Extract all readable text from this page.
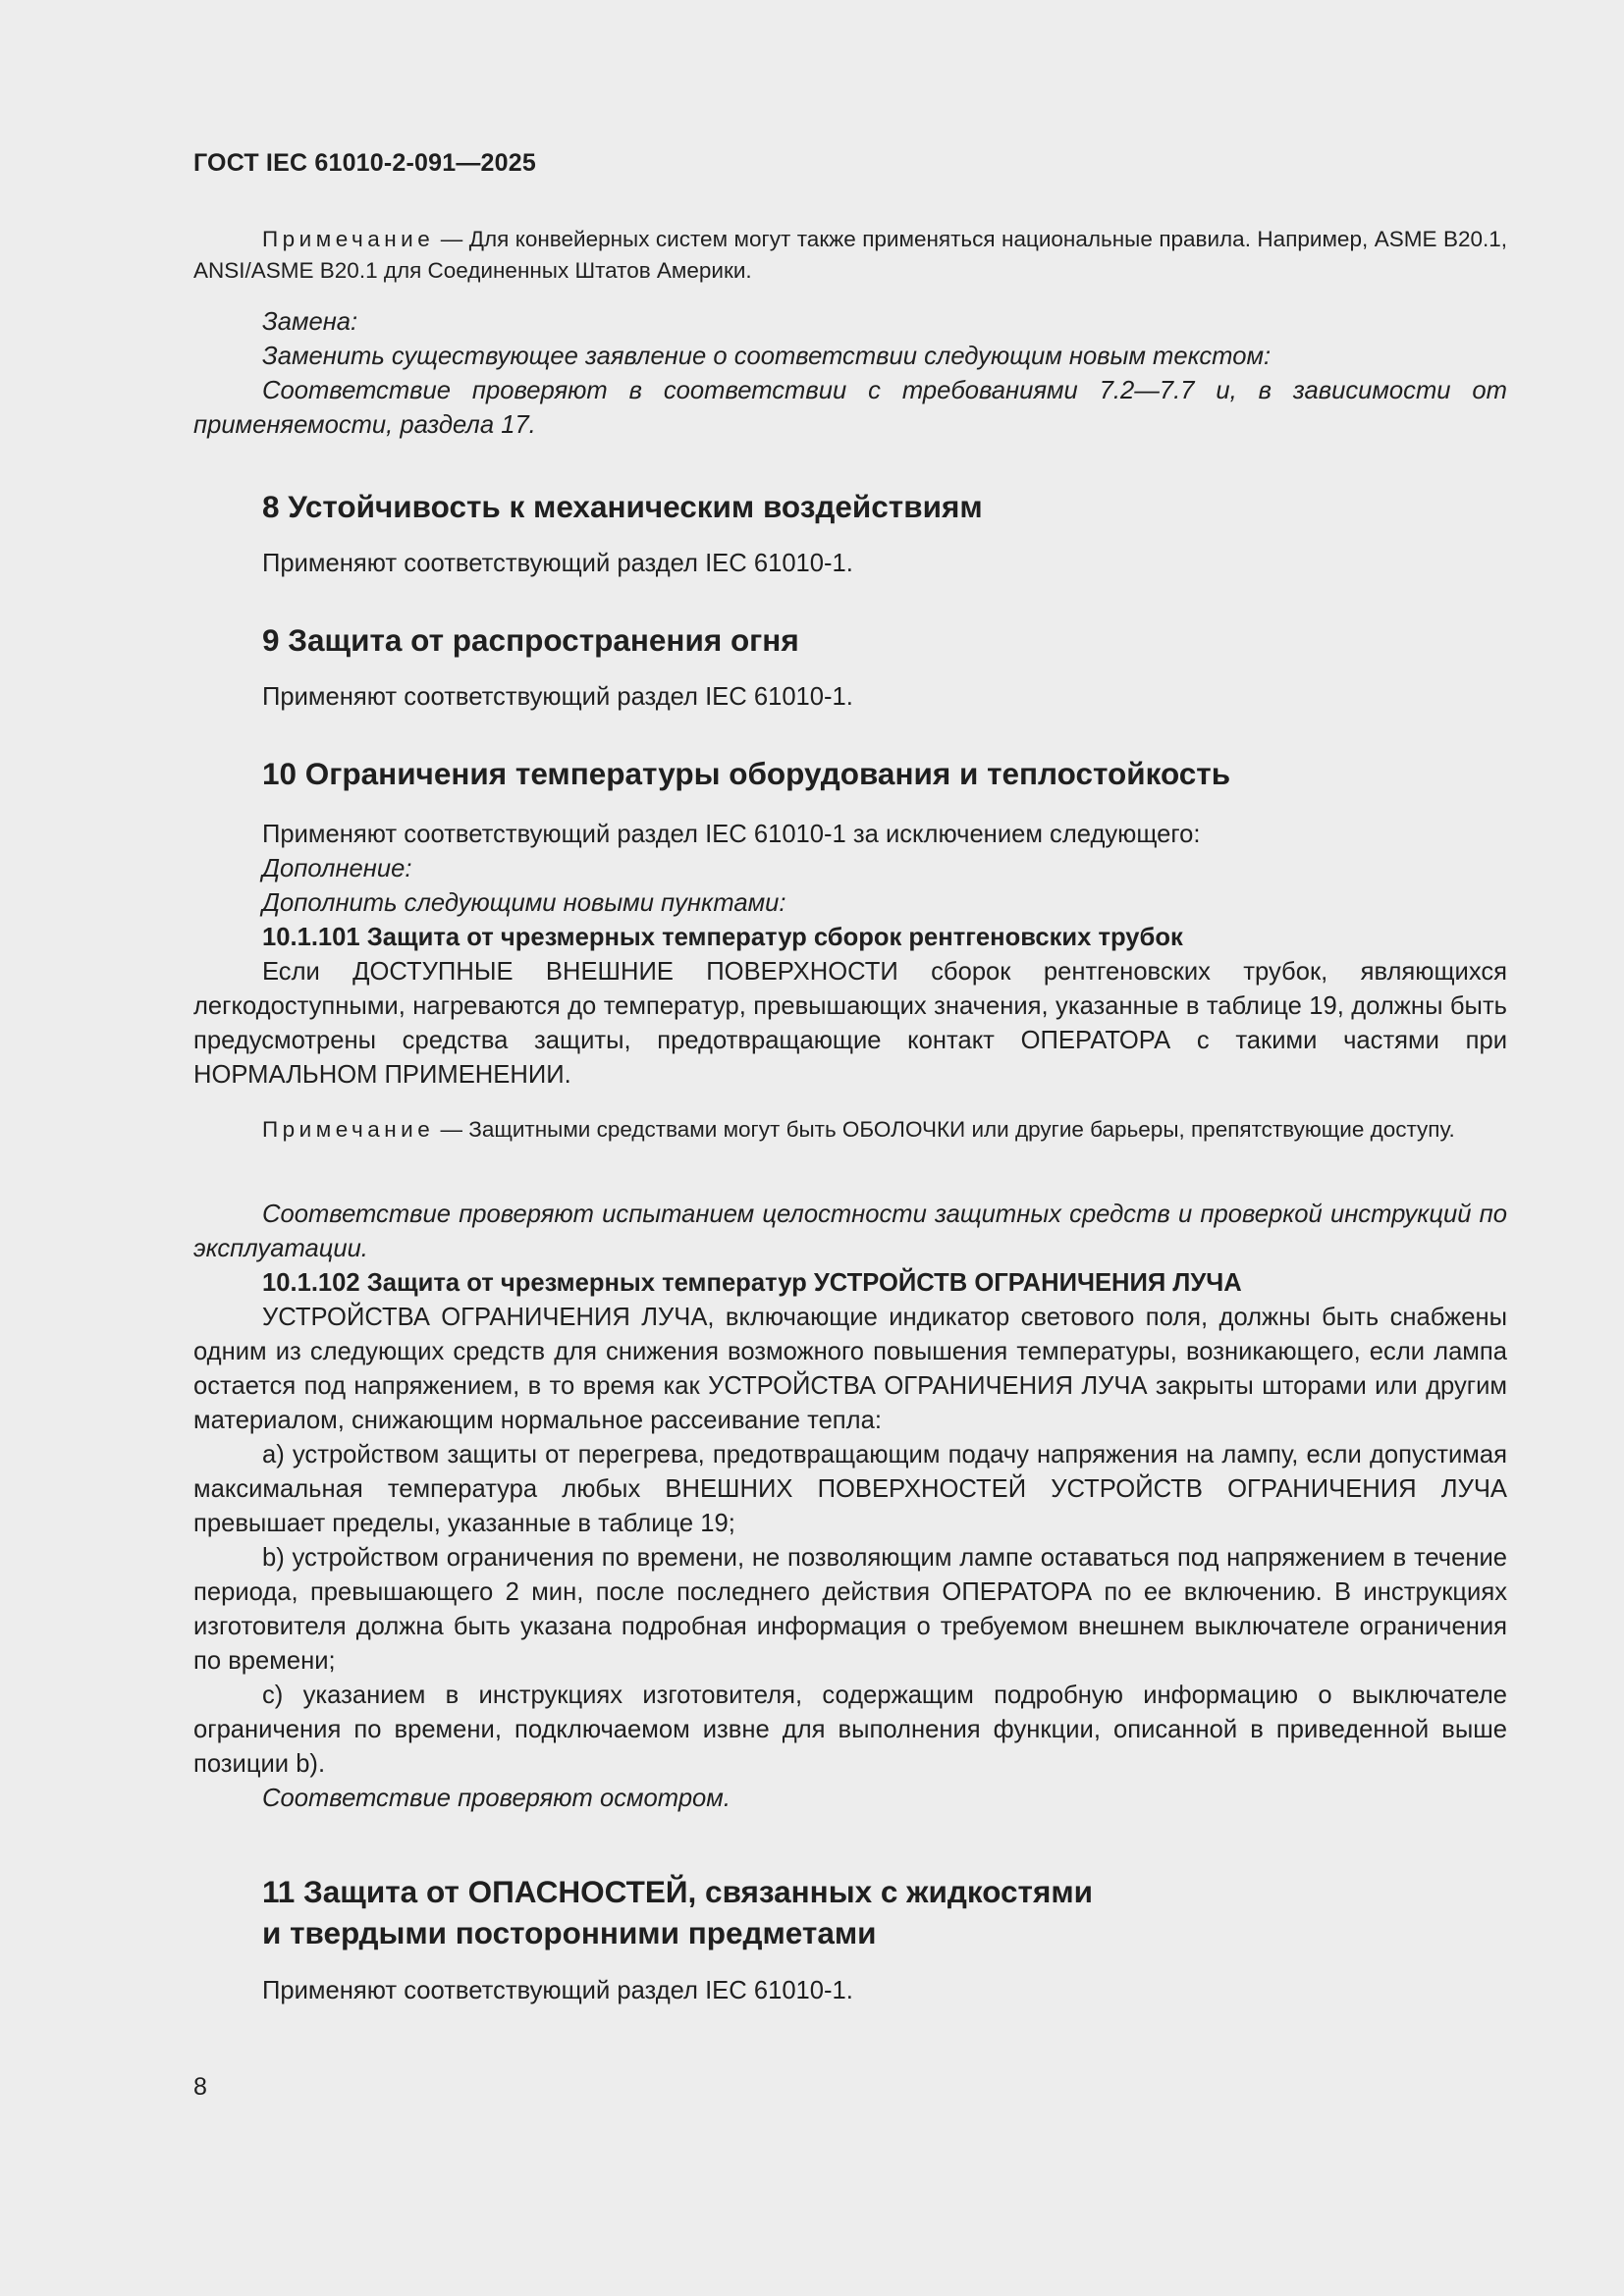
ГОСТ IEC 61010-2-091—2025

Примечание — Для конвейерных систем могут также применяться национальные правила. Например, ASME B20.1, ANSI/ASME B20.1 для Соединенных Штатов Америки.

Замена:

Заменить существующее заявление о соответствии следующим новым текстом:

Соответствие проверяют в соответствии с требованиями 7.2—7.7 и, в зависимости от применяемости, раздела 17.

8 Устойчивость к механическим воздействиям

Применяют соответствующий раздел IEC 61010-1.

9 Защита от распространения огня

Применяют соответствующий раздел IEC 61010-1.

10 Ограничения температуры оборудования и теплостойкость

Применяют соответствующий раздел IEC 61010-1 за исключением следующего:

Дополнение:

Дополнить следующими новыми пунктами:

10.1.101 Защита от чрезмерных температур сборок рентгеновских трубок

Если ДОСТУПНЫЕ ВНЕШНИЕ ПОВЕРХНОСТИ сборок рентгеновских трубок, являющихся легкодоступными, нагреваются до температур, превышающих значения, указанные в таблице 19, должны быть предусмотрены средства защиты, предотвращающие контакт ОПЕРАТОРА с такими частями при НОРМАЛЬНОМ ПРИМЕНЕНИИ.

Примечание — Защитными средствами могут быть ОБОЛОЧКИ или другие барьеры, препятствующие доступу.

Соответствие проверяют испытанием целостности защитных средств и проверкой инструкций по эксплуатации.

10.1.102 Защита от чрезмерных температур УСТРОЙСТВ ОГРАНИЧЕНИЯ ЛУЧА

УСТРОЙСТВА ОГРАНИЧЕНИЯ ЛУЧА, включающие индикатор светового поля, должны быть снабжены одним из следующих средств для снижения возможного повышения температуры, возникающего, если лампа остается под напряжением, в то время как УСТРОЙСТВА ОГРАНИЧЕНИЯ ЛУЧА закрыты шторами или другим материалом, снижающим нормальное рассеивание тепла:

a) устройством защиты от перегрева, предотвращающим подачу напряжения на лампу, если допустимая максимальная температура любых ВНЕШНИХ ПОВЕРХНОСТЕЙ УСТРОЙСТВ ОГРАНИЧЕНИЯ ЛУЧА превышает пределы, указанные в таблице 19;

b) устройством ограничения по времени, не позволяющим лампе оставаться под напряжением в течение периода, превышающего 2 мин, после последнего действия ОПЕРАТОРА по ее включению. В инструкциях изготовителя должна быть указана подробная информация о требуемом внешнем выключателе ограничения по времени;

c) указанием в инструкциях изготовителя, содержащим подробную информацию о выключателе ограничения по времени, подключаемом извне для выполнения функции, описанной в приведенной выше позиции b).

Соответствие проверяют осмотром.

11 Защита от ОПАСНОСТЕЙ, связанных с жидкостями

и твердыми посторонними предметами

Применяют соответствующий раздел IEC 61010-1.

8
